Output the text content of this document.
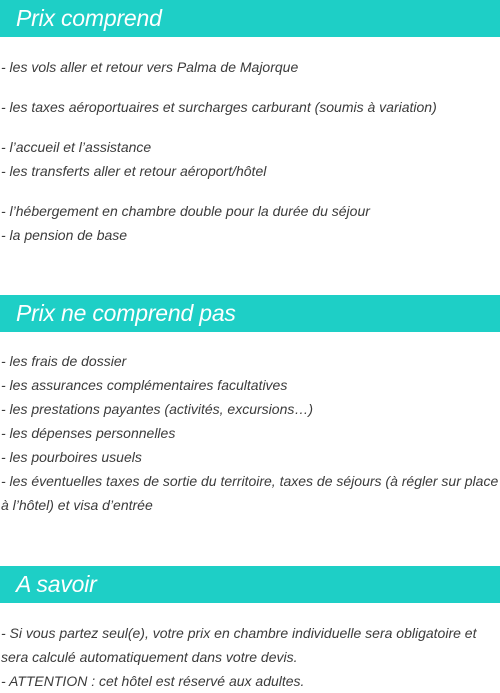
Prix comprend
- les vols aller et retour vers Palma de Majorque
- les taxes aéroportuaires et surcharges carburant (soumis à variation)
- l’accueil et l’assistance
- les transferts aller et retour aéroport/hôtel
- l’hébergement en chambre double pour la durée du séjour
- la pension de base
Prix ne comprend pas
- les frais de dossier
- les assurances complémentaires facultatives
- les prestations payantes (activités, excursions…)
- les dépenses personnelles
- les pourboires usuels
- les éventuelles taxes de sortie du territoire, taxes de séjours (à régler sur place
à l’hôtel) et visa d’entrée
A savoir
- Si vous partez seul(e), votre prix en chambre individuelle sera obligatoire et
sera calculé automatiquement dans votre devis.
- ATTENTION : cet hôtel est réservé aux adultes.
